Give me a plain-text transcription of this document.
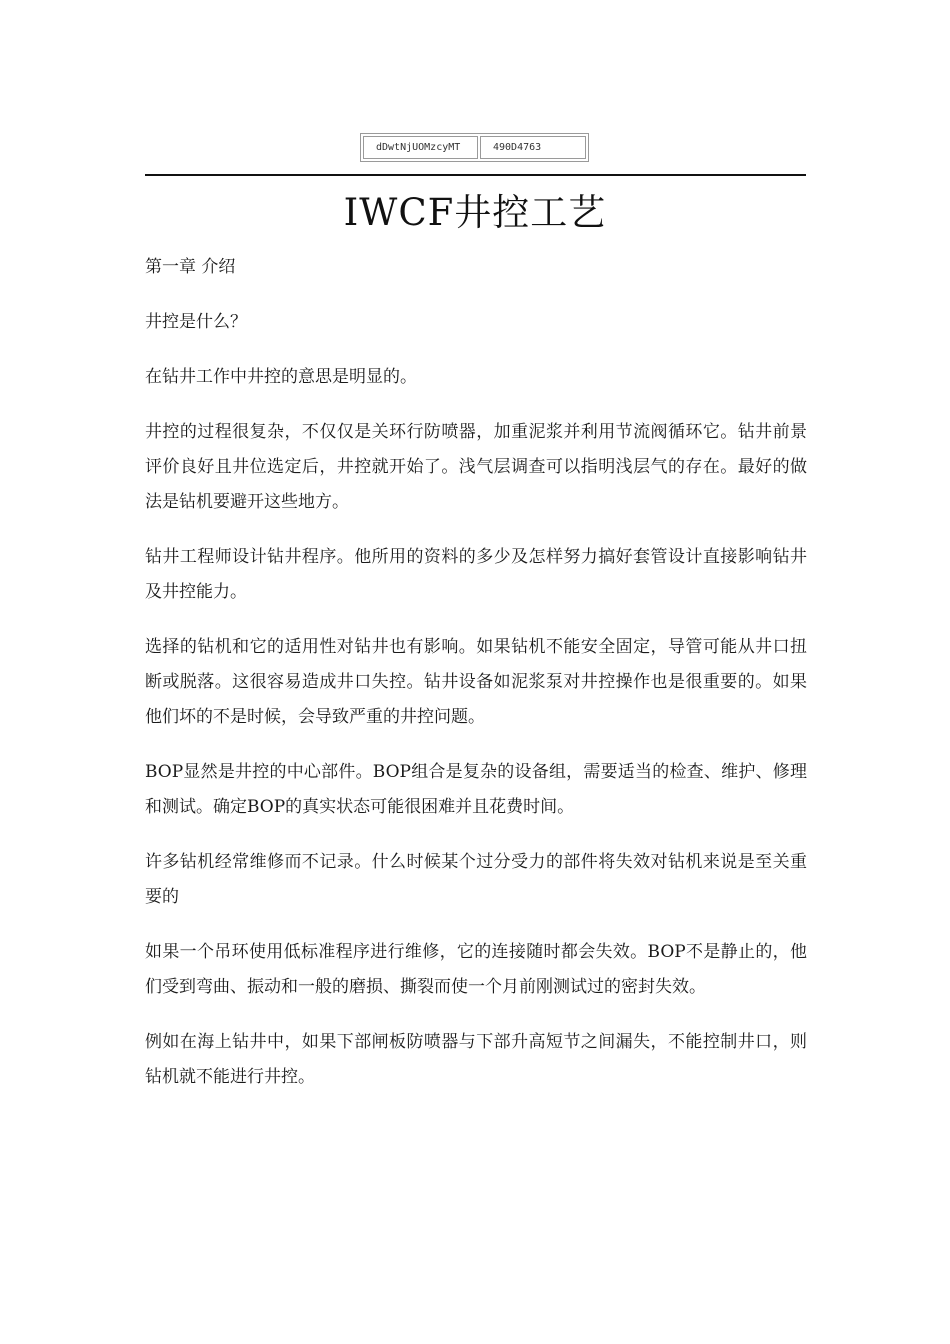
dDwtNjUOMzcyMT	490D4763
IWCF井控工艺

第一章 介绍

井控是什么？

在钻井工作中井控的意思是明显的。

井控的过程很复杂，不仅仅是关环行防喷器，加重泥浆并利用节流阀循环它。钻井前景评价良好且井位选定后，井控就开始了。浅气层调查可以指明浅层气的存在。最好的做法是钻机要避开这些地方。

钻井工程师设计钻井程序。他所用的资料的多少及怎样努力搞好套管设计直接影响钻井及井控能力。

选择的钻机和它的适用性对钻井也有影响。如果钻机不能安全固定，导管可能从井口扭断或脱落。这很容易造成井口失控。钻井设备如泥浆泵对井控操作也是很重要的。如果他们坏的不是时候，会导致严重的井控问题。

BOP显然是井控的中心部件。BOP组合是复杂的设备组，需要适当的检查、维护、修理和测试。确定BOP的真实状态可能很困难并且花费时间。

许多钻机经常维修而不记录。什么时候某个过分受力的部件将失效对钻机来说是至关重要的

如果一个吊环使用低标准程序进行维修，它的连接随时都会失效。BOP不是静止的，他们受到弯曲、振动和一般的磨损、撕裂而使一个月前刚测试过的密封失效。

例如在海上钻井中，如果下部闸板防喷器与下部升高短节之间漏失，不能控制井口，则钻机就不能进行井控。
